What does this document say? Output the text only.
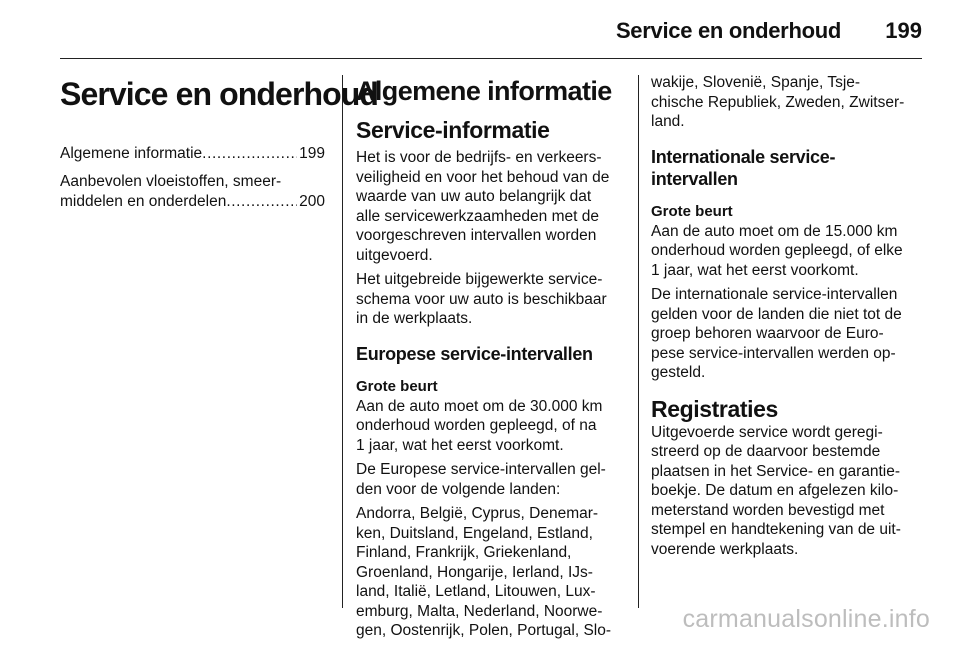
Service en onderhoud 199
Service en onderhoud
Algemene informatie .....	199
Aanbevolen vloeistoffen, smeer-
middelen en onderdelen .....	200
Algemene informatie
Service-informatie

Het is voor de bedrijfs- en verkeers-
veiligheid en voor het behoud van de
waarde van uw auto belangrijk dat
alle servicewerkzaamheden met de
voorgeschreven intervallen worden
uitgevoerd.

Het uitgebreide bijgewerkte service-
schema voor uw auto is beschikbaar
in de werkplaats.

Europese service-intervallen
Grote beurt

Aan de auto moet om de 30.000 km
onderhoud worden gepleegd, of na
1 jaar, wat het eerst voorkomt.

De Europese service-intervallen gel-
den voor de volgende landen:

Andorra, België, Cyprus, Denemar-
ken, Duitsland, Engeland, Estland,
Finland, Frankrijk, Griekenland,
Groenland, Hongarije, Ierland, IJs-
land, Italië, Letland, Litouwen, Lux-
emburg, Malta, Nederland, Noorwe-
gen, Oostenrijk, Polen, Portugal, Slo-

wakije, Slovenië, Spanje, Tsje-
chische Republiek, Zweden, Zwitser-
land.

Internationale service-
intervallen
Grote beurt

Aan de auto moet om de 15.000 km
onderhoud worden gepleegd, of elke
1 jaar, wat het eerst voorkomt.

De internationale service-intervallen
gelden voor de landen die niet tot de
groep behoren waarvoor de Euro-
pese service-intervallen werden op-
gesteld.

Registraties

Uitgevoerde service wordt geregi-
streerd op de daarvoor bestemde
plaatsen in het Service- en garantie-
boekje. De datum en afgelezen kilo-
meterstand worden bevestigd met
stempel en handtekening van de uit-
voerende werkplaats.

carmanualsonline.info
